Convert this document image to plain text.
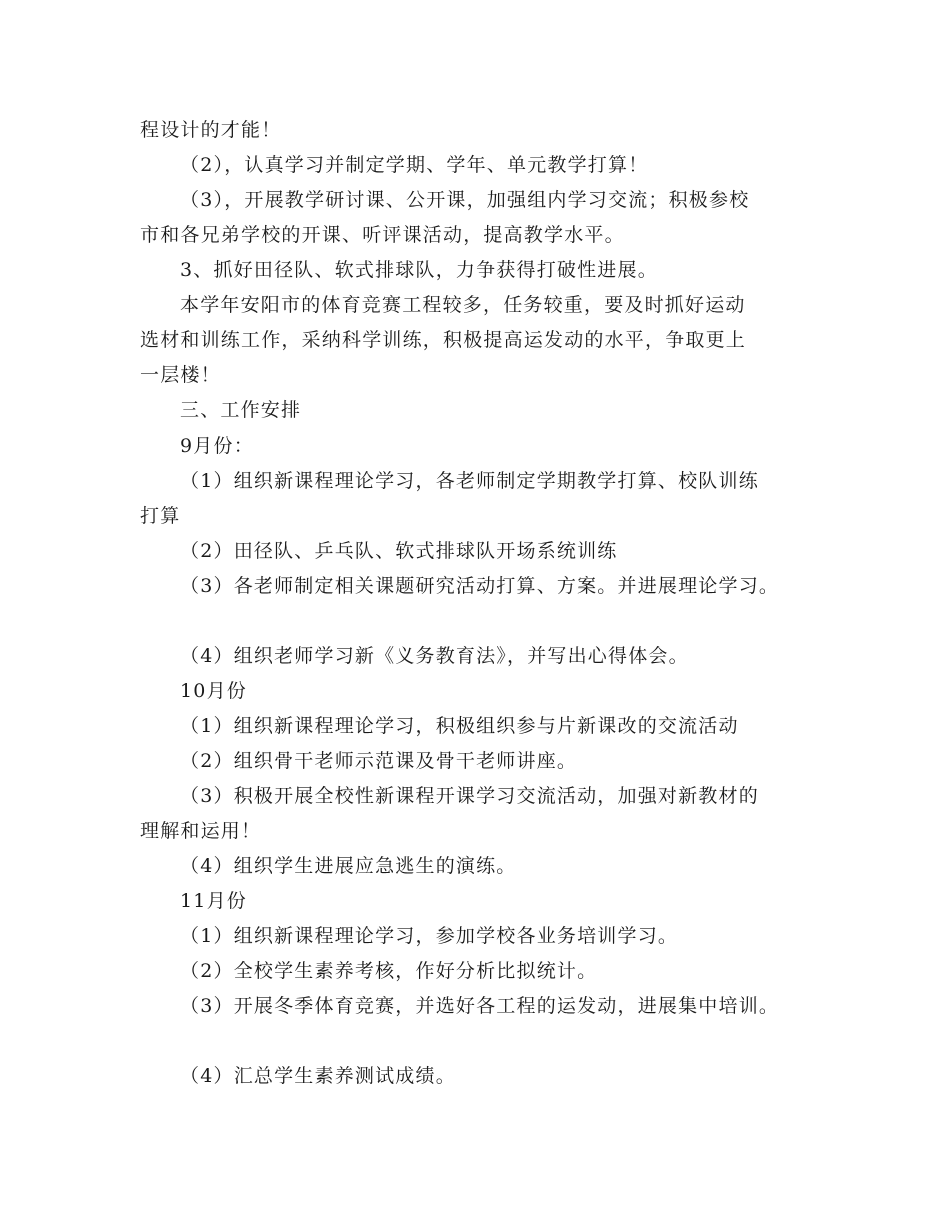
程设计的才能！
（2），认真学习并制定学期、学年、单元教学打算！
（3），开展教学研讨课、公开课，加强组内学习交流；积极参校
市和各兄弟学校的开课、听评课活动，提高教学水平。
3、抓好田径队、软式排球队，力争获得打破性进展。
本学年安阳市的体育竞赛工程较多，任务较重，要及时抓好运动
选材和训练工作，采纳科学训练，积极提高运发动的水平，争取更上
一层楼！
三、工作安排
9月份：
（1）组织新课程理论学习，各老师制定学期教学打算、校队训练
打算
（2）田径队、乒乓队、软式排球队开场系统训练
（3）各老师制定相关课题研究活动打算、方案。并进展理论学习。
（4）组织老师学习新《义务教育法》，并写出心得体会。
10月份
（1）组织新课程理论学习，积极组织参与片新课改的交流活动
（2）组织骨干老师示范课及骨干老师讲座。
（3）积极开展全校性新课程开课学习交流活动，加强对新教材的
理解和运用！
（4）组织学生进展应急逃生的演练。
11月份
（1）组织新课程理论学习，参加学校各业务培训学习。
（2）全校学生素养考核，作好分析比拟统计。
（3）开展冬季体育竞赛，并选好各工程的运发动，进展集中培训。
（4）汇总学生素养测试成绩。
